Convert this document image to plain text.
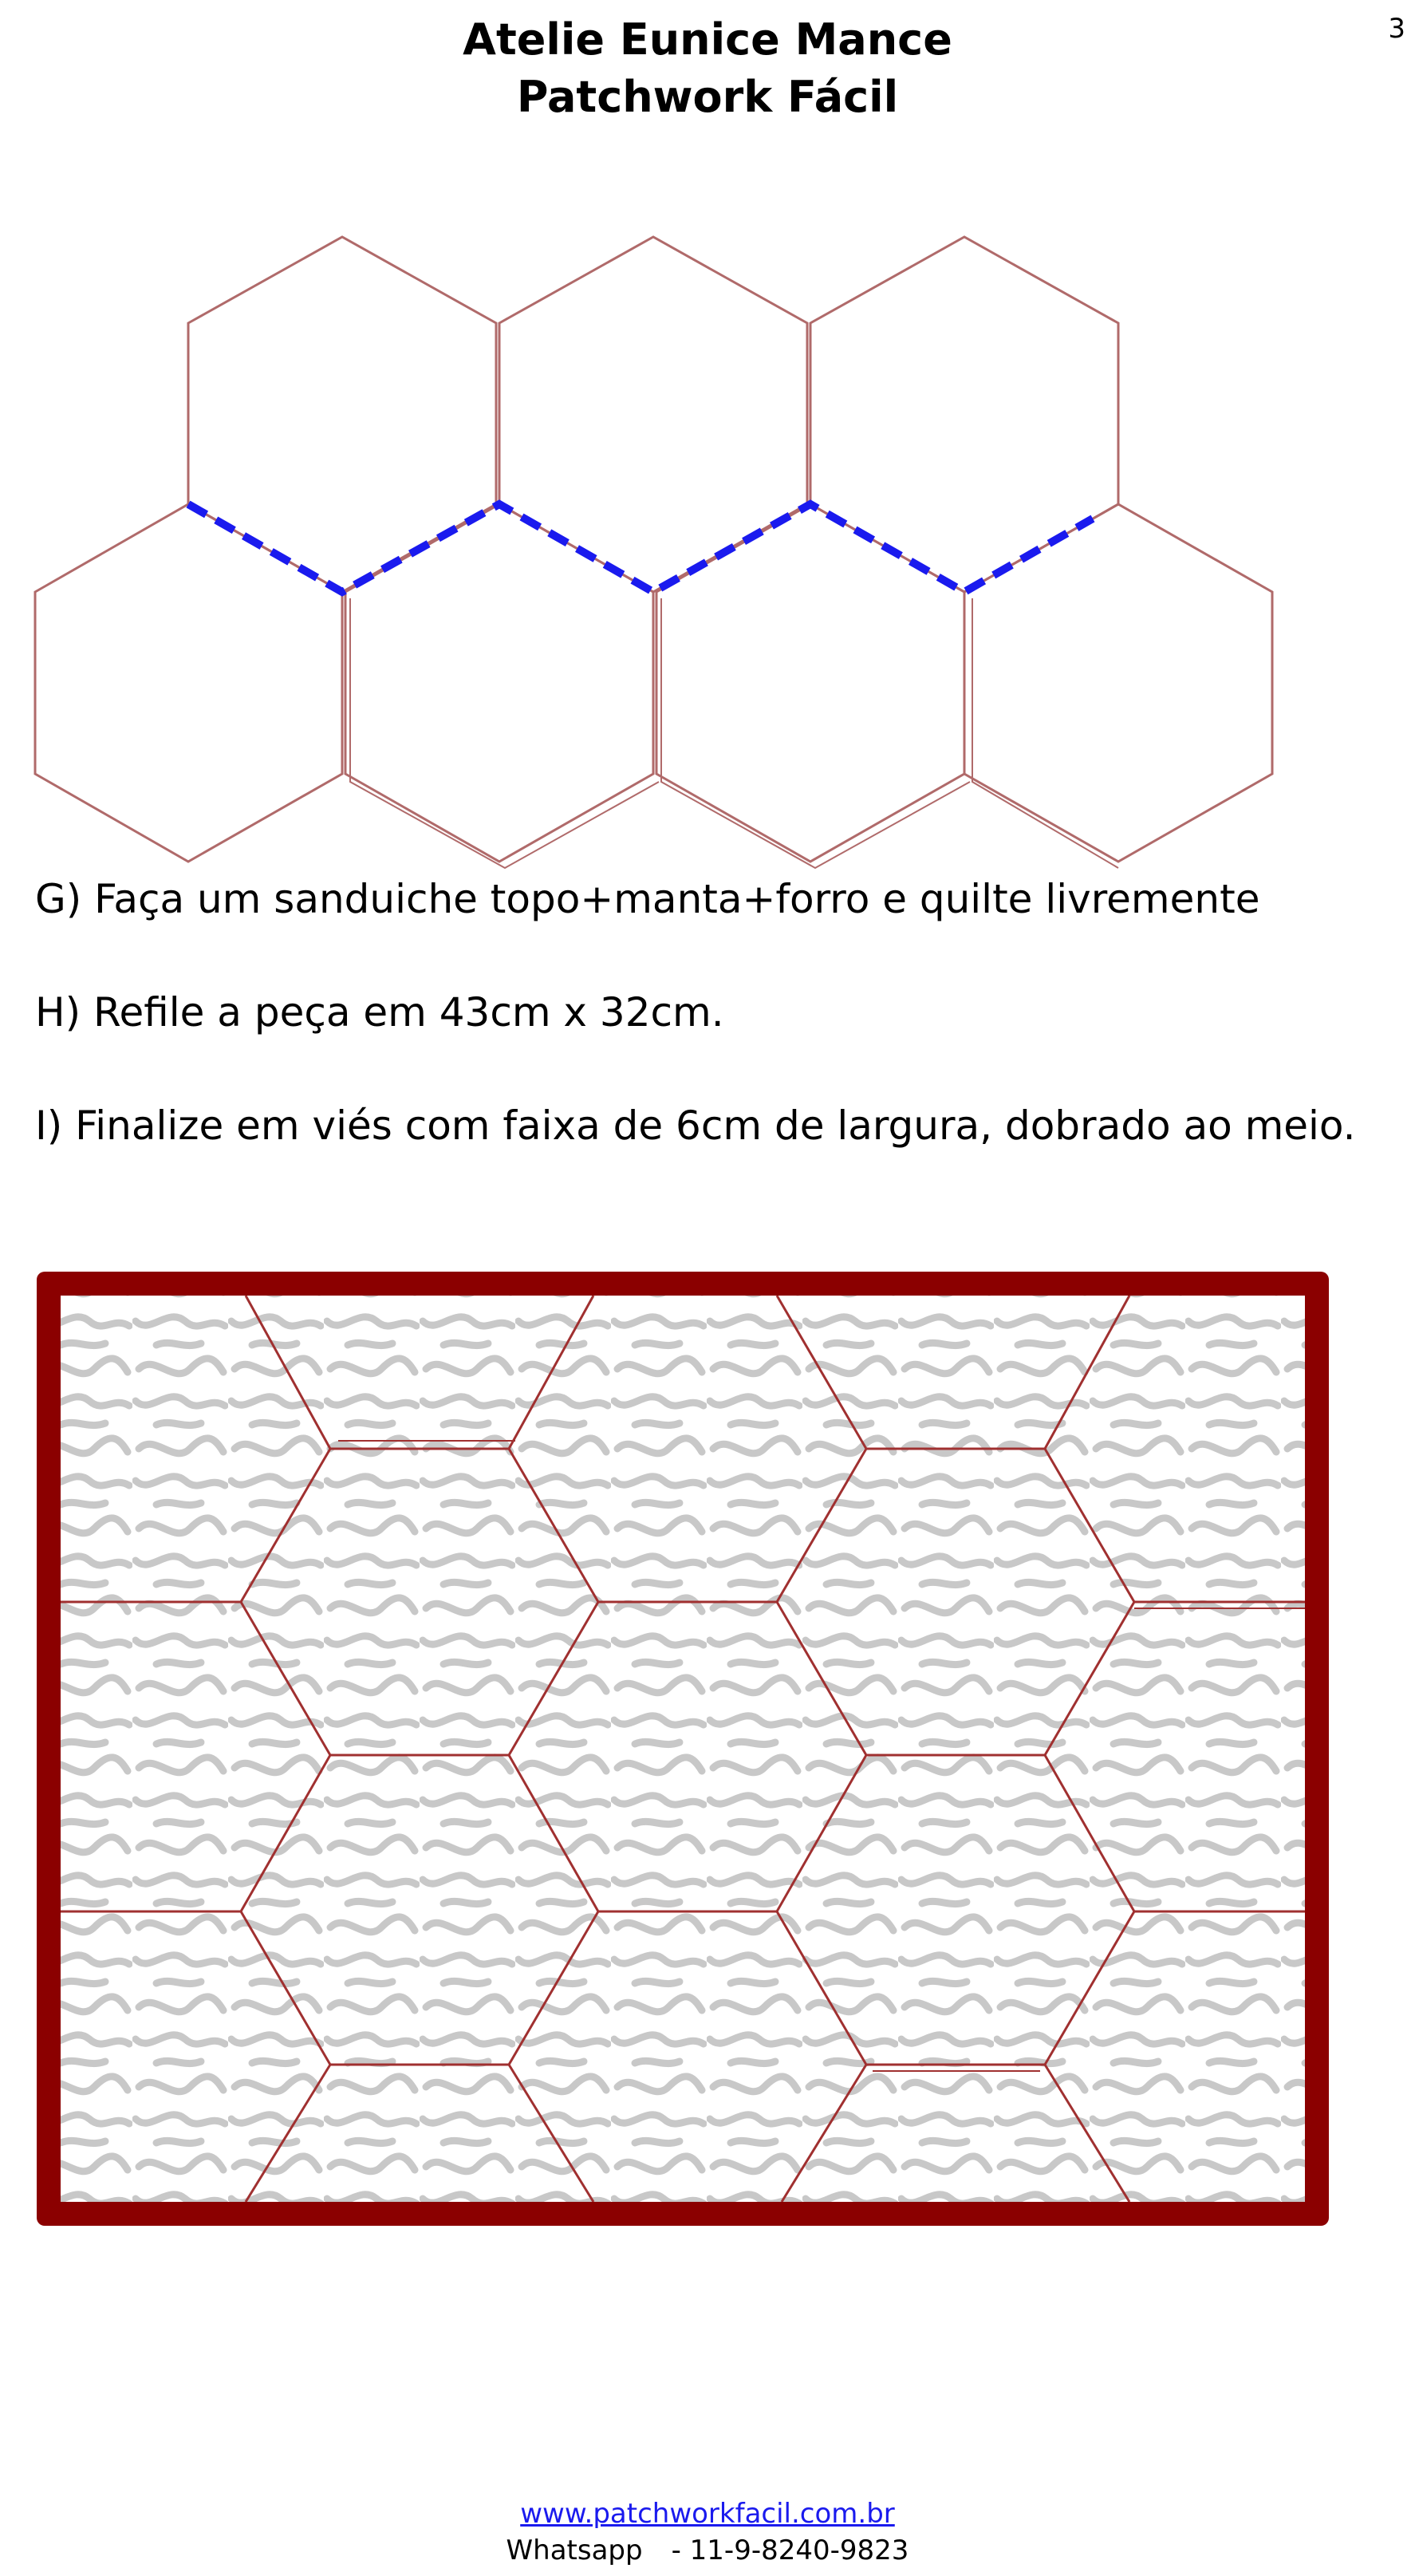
3
Atelie Eunice Mance
Patchwork Fácil
G) Faça um sanduiche topo+manta+forro e quilte livremente
H) Refile a peça em 43cm x 32cm.
I) Finalize em viés com faixa de 6cm de largura, dobrado ao meio.
www.patchworkfacil.com.br
Whatsapp - 11-9-8240-9823
